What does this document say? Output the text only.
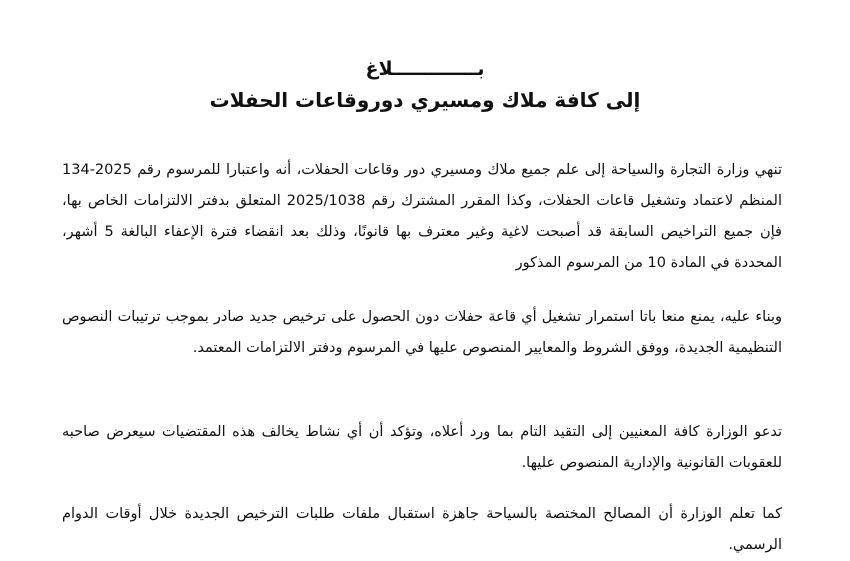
بـــــــــــــلاغ
إلى كافة ملاك ومسيري دوروقاعات الحفلات

تنهي وزارة التجارة والسياحة إلى علم جميع ملاك ومسيري دور وقاعات الحفلات، أنه واعتبارا للمرسوم رقم 2025-134 المنظم لاعتماد وتشغيل قاعات الحفلات، وكذا المقرر المشترك رقم 2025/1038 المتعلق بدفتر الالتزامات الخاص بها، فإن جميع التراخيص السابقة قد أصبحت لاغية وغير معترف بها قانونًا، وذلك بعد انقضاء فترة الإعفاء البالغة 5 أشهر، المحددة في المادة 10 من المرسوم المذكور

وبناء عليه، يمنع منعا باتا استمرار تشغيل أي قاعة حفلات دون الحصول على ترخيص جديد صادر بموجب ترتيبات النصوص التنظيمية الجديدة، ووفق الشروط والمعايير المنصوص عليها في المرسوم ودفتر الالتزامات المعتمد.

تدعو الوزارة كافة المعنيين إلى التقيد التام بما ورد أعلاه، وتؤكد أن أي نشاط يخالف هذه المقتضيات سيعرض صاحبه للعقوبات القانونية والإدارية المنصوص عليها.

كما تعلم الوزارة أن المصالح المختصة بالسياحة جاهزة استقبال ملفات طلبات الترخيص الجديدة خلال أوقات الدوام الرسمي.
